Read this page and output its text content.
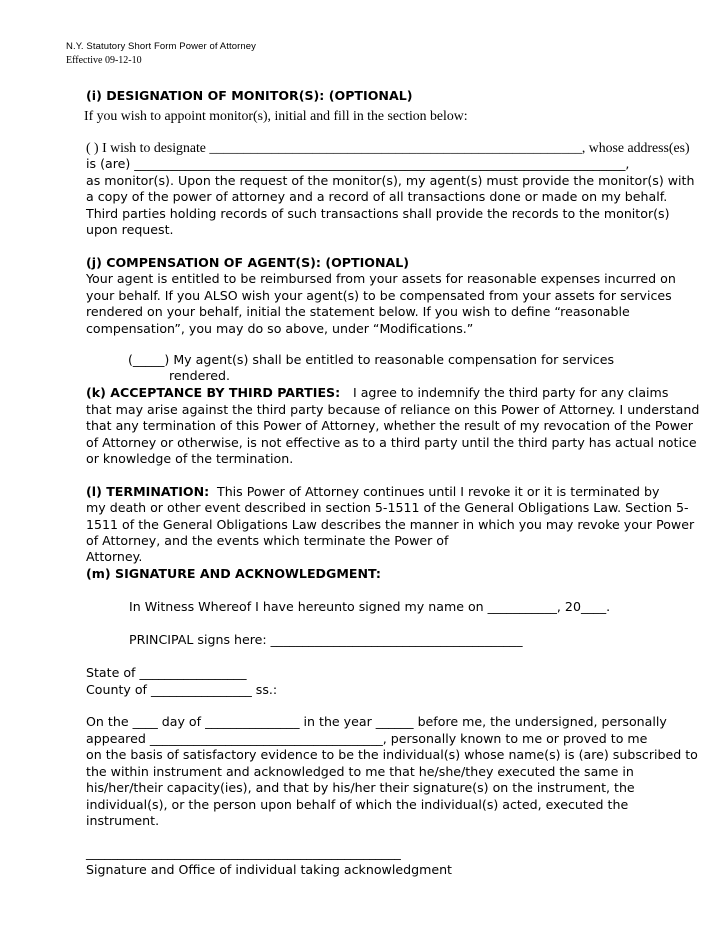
N.Y. Statutory Short Form Power of Attorney
Effective 09-12-10
(i) DESIGNATION OF MONITOR(S): (OPTIONAL)
If you wish to appoint monitor(s), initial and fill in the section below:
( ) I wish to designate ______________________________________________________, whose address(es)
is (are) ______________________________________________________________________________,
as monitor(s). Upon the request of the monitor(s), my agent(s) must provide the monitor(s) with
a copy of the power of attorney and a record of all transactions done or made on my behalf.
Third parties holding records of such transactions shall provide the records to the monitor(s)
upon request.
(j) COMPENSATION OF AGENT(S): (OPTIONAL)
Your agent is entitled to be reimbursed from your assets for reasonable expenses incurred on
your behalf. If you ALSO wish your agent(s) to be compensated from your assets for services
rendered on your behalf, initial the statement below. If you wish to define “reasonable
compensation”, you may do so above, under “Modifications.”
(_____) My agent(s) shall be entitled to reasonable compensation for services
rendered.
(k) ACCEPTANCE BY THIRD PARTIES: I agree to indemnify the third party for any claims
that may arise against the third party because of reliance on this Power of Attorney. I understand
that any termination of this Power of Attorney, whether the result of my revocation of the Power
of Attorney or otherwise, is not effective as to a third party until the third party has actual notice
or knowledge of the termination.
(l) TERMINATION: This Power of Attorney continues until I revoke it or it is terminated by
my death or other event described in section 5-1511 of the General Obligations Law. Section 5-
1511 of the General Obligations Law describes the manner in which you may revoke your Power
of Attorney, and the events which terminate the Power of
Attorney.
(m) SIGNATURE AND ACKNOWLEDGMENT:
In Witness Whereof I have hereunto signed my name on ___________, 20____.
PRINCIPAL signs here: ________________________________________
State of _________________
County of ________________ ss.:
On the ____ day of _______________ in the year ______ before me, the undersigned, personally
appeared _____________________________________, personally known to me or proved to me
on the basis of satisfactory evidence to be the individual(s) whose name(s) is (are) subscribed to
the within instrument and acknowledged to me that he/she/they executed the same in
his/her/their capacity(ies), and that by his/her their signature(s) on the instrument, the
individual(s), or the person upon behalf of which the individual(s) acted, executed the
instrument.
__________________________________________________
Signature and Office of individual taking acknowledgment
